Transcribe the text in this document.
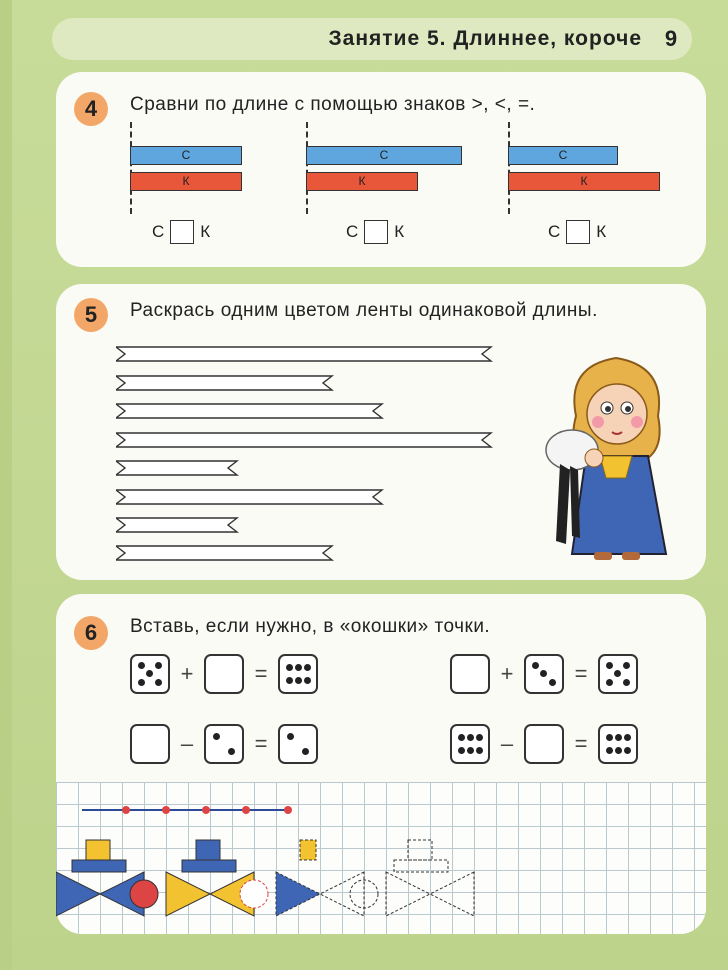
Занятие 5. Длиннее, короче	9
4	Сравни по длине с помощью знаков >, <, =.
С
К
С К
С
К
С К
С
К
С К
5	Раскрась одним цветом ленты одинаковой длины.
6	Вставь, если нужно, в «окошки» точки.
+	=	+	=
–	=	–	=
